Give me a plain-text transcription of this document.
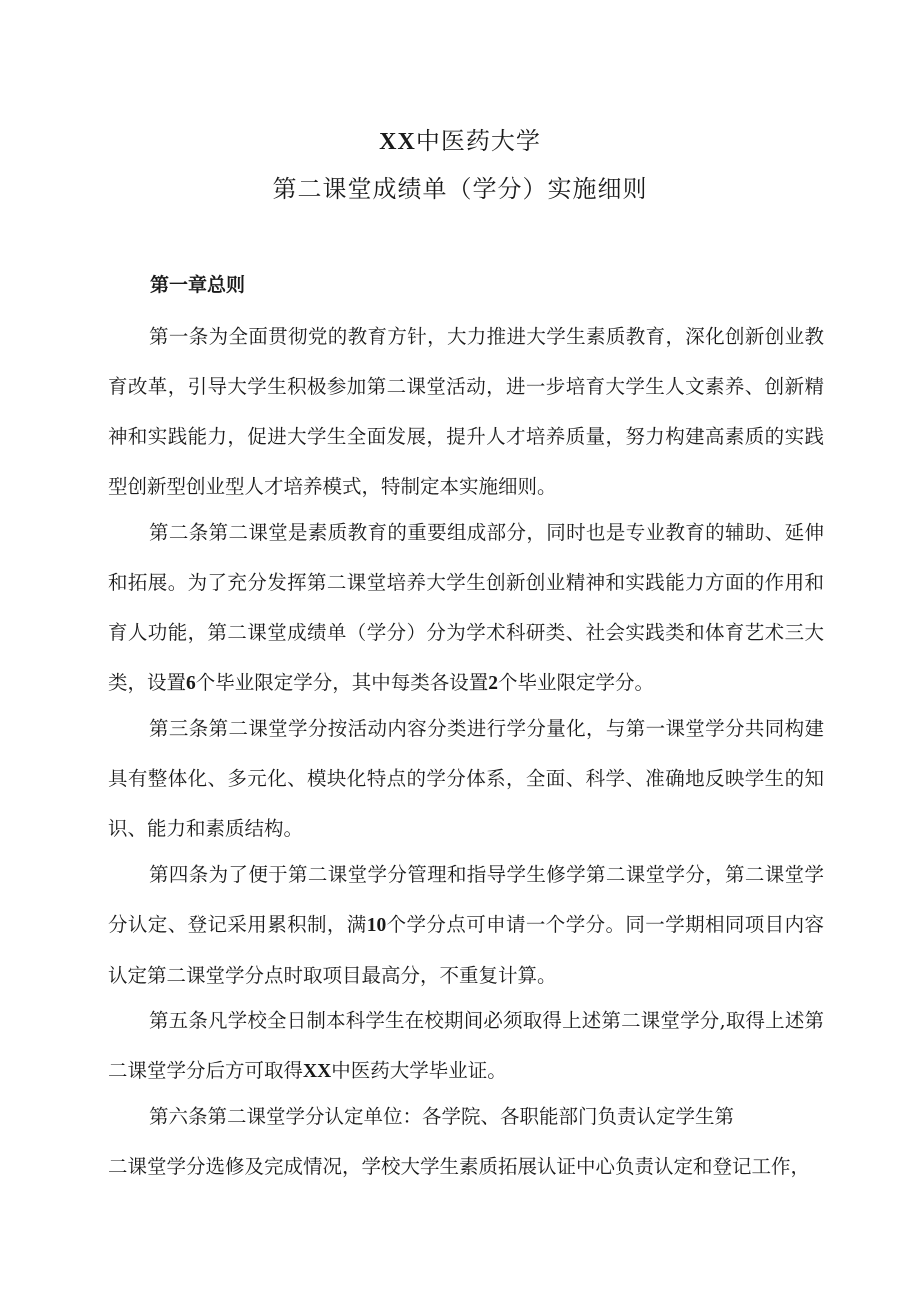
XX中医药大学
第二课堂成绩单（学分）实施细则
第一章总则

第一条为全面贯彻党的教育方针，大力推进大学生素质教育，深化创新创业教育改革，引导大学生积极参加第二课堂活动，进一步培育大学生人文素养、创新精神和实践能力，促进大学生全面发展，提升人才培养质量，努力构建高素质的实践型创新型创业型人才培养模式，特制定本实施细则。

第二条第二课堂是素质教育的重要组成部分，同时也是专业教育的辅助、延伸和拓展。为了充分发挥第二课堂培养大学生创新创业精神和实践能力方面的作用和育人功能，第二课堂成绩单（学分）分为学术科研类、社会实践类和体育艺术三大类，设置6个毕业限定学分，其中每类各设置2个毕业限定学分。

第三条第二课堂学分按活动内容分类进行学分量化，与第一课堂学分共同构建具有整体化、多元化、模块化特点的学分体系，全面、科学、准确地反映学生的知识、能力和素质结构。

第四条为了便于第二课堂学分管理和指导学生修学第二课堂学分，第二课堂学分认定、登记采用累积制，满10个学分点可申请一个学分。同一学期相同项目内容认定第二课堂学分点时取项目最高分，不重复计算。

第五条凡学校全日制本科学生在校期间必须取得上述第二课堂学分,取得上述第二课堂学分后方可取得XX中医药大学毕业证。

第六条第二课堂学分认定单位：各学院、各职能部门负责认定学生第
二课堂学分选修及完成情况，学校大学生素质拓展认证中心负责认定和登记工作，
